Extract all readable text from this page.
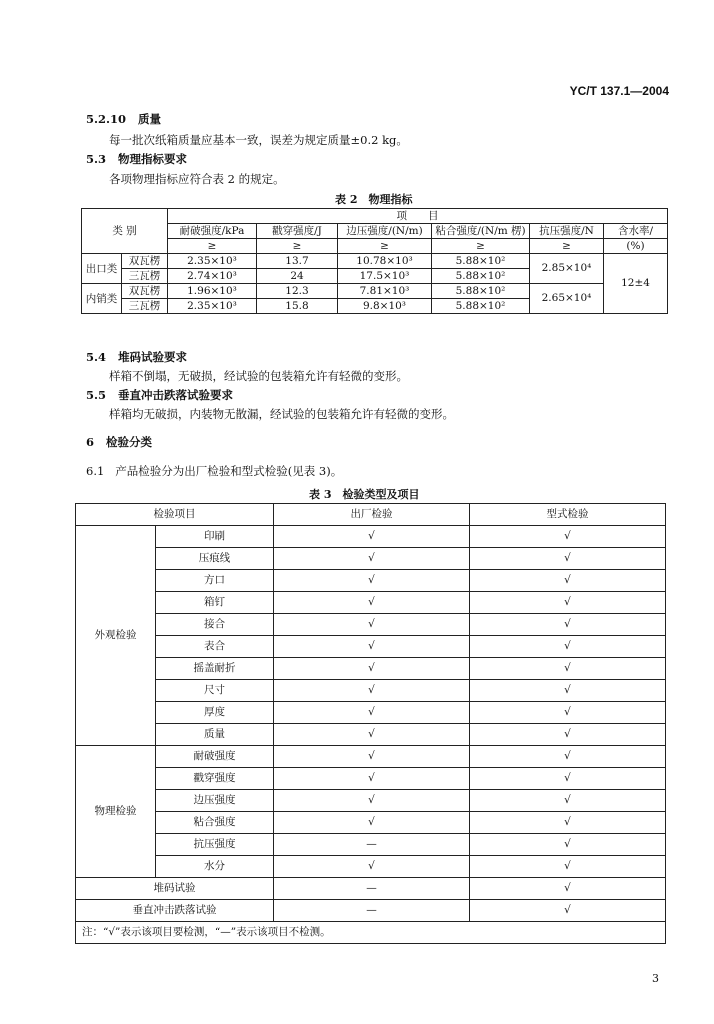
YC/T 137.1—2004
5.2.10 质量
每一批次纸箱质量应基本一致，误差为规定质量±0.2 kg。
5.3 物理指标要求
各项物理指标应符合表 2 的规定。
表 2　物理指标
类 别		项　　目					
		耐破强度/kPa	戳穿强度/J	边压强度/(N/m)	粘合强度/(N/m 楞)	抗压强度/N	含水率/
		≥	≥	≥	≥	≥	(%)
出口类	双瓦楞	2.35×10³	13.7	10.78×10³	5.88×10²	2.85×10⁴	12±4
	三瓦楞	2.74×10³	24	17.5×10³	5.88×10²		
内销类	双瓦楞	1.96×10³	12.3	7.81×10³	5.88×10²	2.65×10⁴	
	三瓦楞	2.35×10³	15.8	9.8×10³	5.88×10²		
5.4 堆码试验要求
样箱不倒塌，无破损，经试验的包装箱允许有轻微的变形。
5.5 垂直冲击跌落试验要求
样箱均无破损，内装物无散漏，经试验的包装箱允许有轻微的变形。
6 检验分类
6.1 产品检验分为出厂检验和型式检验(见表 3)。
表 3　检验类型及项目
检验项目		出厂检验	型式检验
外观检验	印刷	√	√
	压痕线	√	√
	方口	√	√
	箱钉	√	√
	接合	√	√
	表合	√	√
	摇盖耐折	√	√
	尺寸	√	√
	厚度	√	√
	质量	√	√
物理检验	耐破强度	√	√
	戳穿强度	√	√
	边压强度	√	√
	粘合强度	√	√
	抗压强度	—	√
	水分	√	√
堆码试验		—	√
垂直冲击跌落试验		—	√
注：“√”表示该项目要检测，“—”表示该项目不检测。			
3
